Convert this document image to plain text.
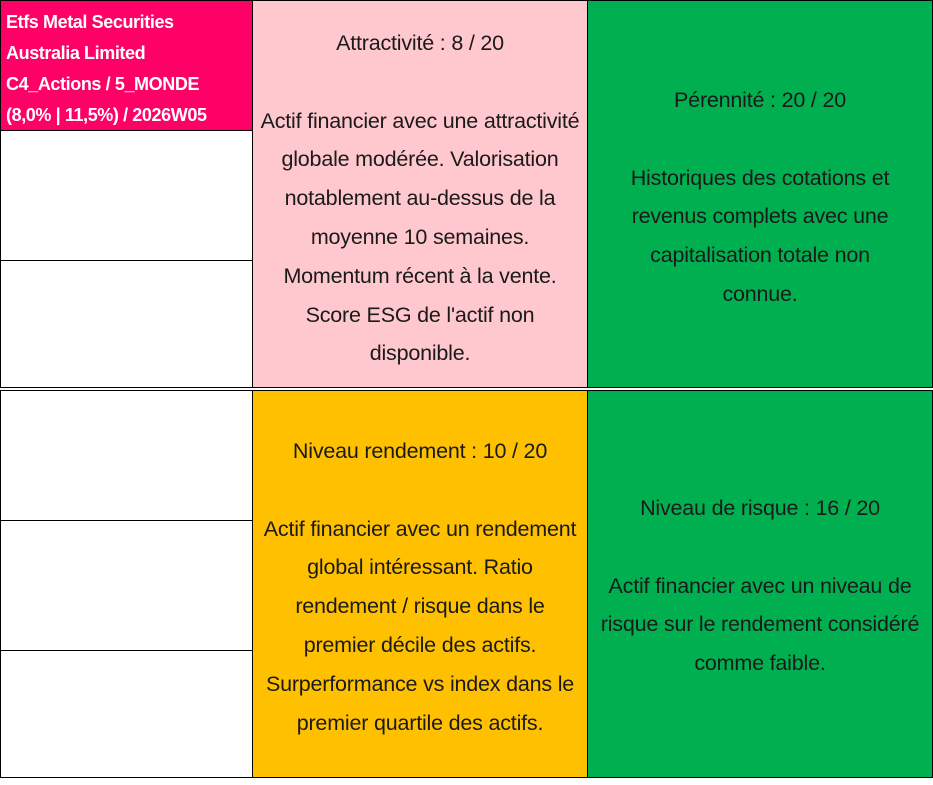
Etfs Metal Securities
Australia Limited
C4_Actions / 5_MONDE
(8,0% | 11,5%) / 2026W05

Attractivité : 8 / 20

Actif financier avec une attractivité globale modérée. Valorisation notablement au-dessus de la moyenne 10 semaines. Momentum récent à la vente. Score ESG de l'actif non disponible.

Pérennité : 20 / 20

Historiques des cotations et revenus complets avec une capitalisation totale non connue.

Niveau rendement : 10 / 20

Actif financier avec un rendement global intéressant. Ratio rendement / risque dans le premier décile des actifs. Surperformance vs index dans le premier quartile des actifs.

Niveau de risque : 16 / 20

Actif financier avec un niveau de risque sur le rendement considéré comme faible.
